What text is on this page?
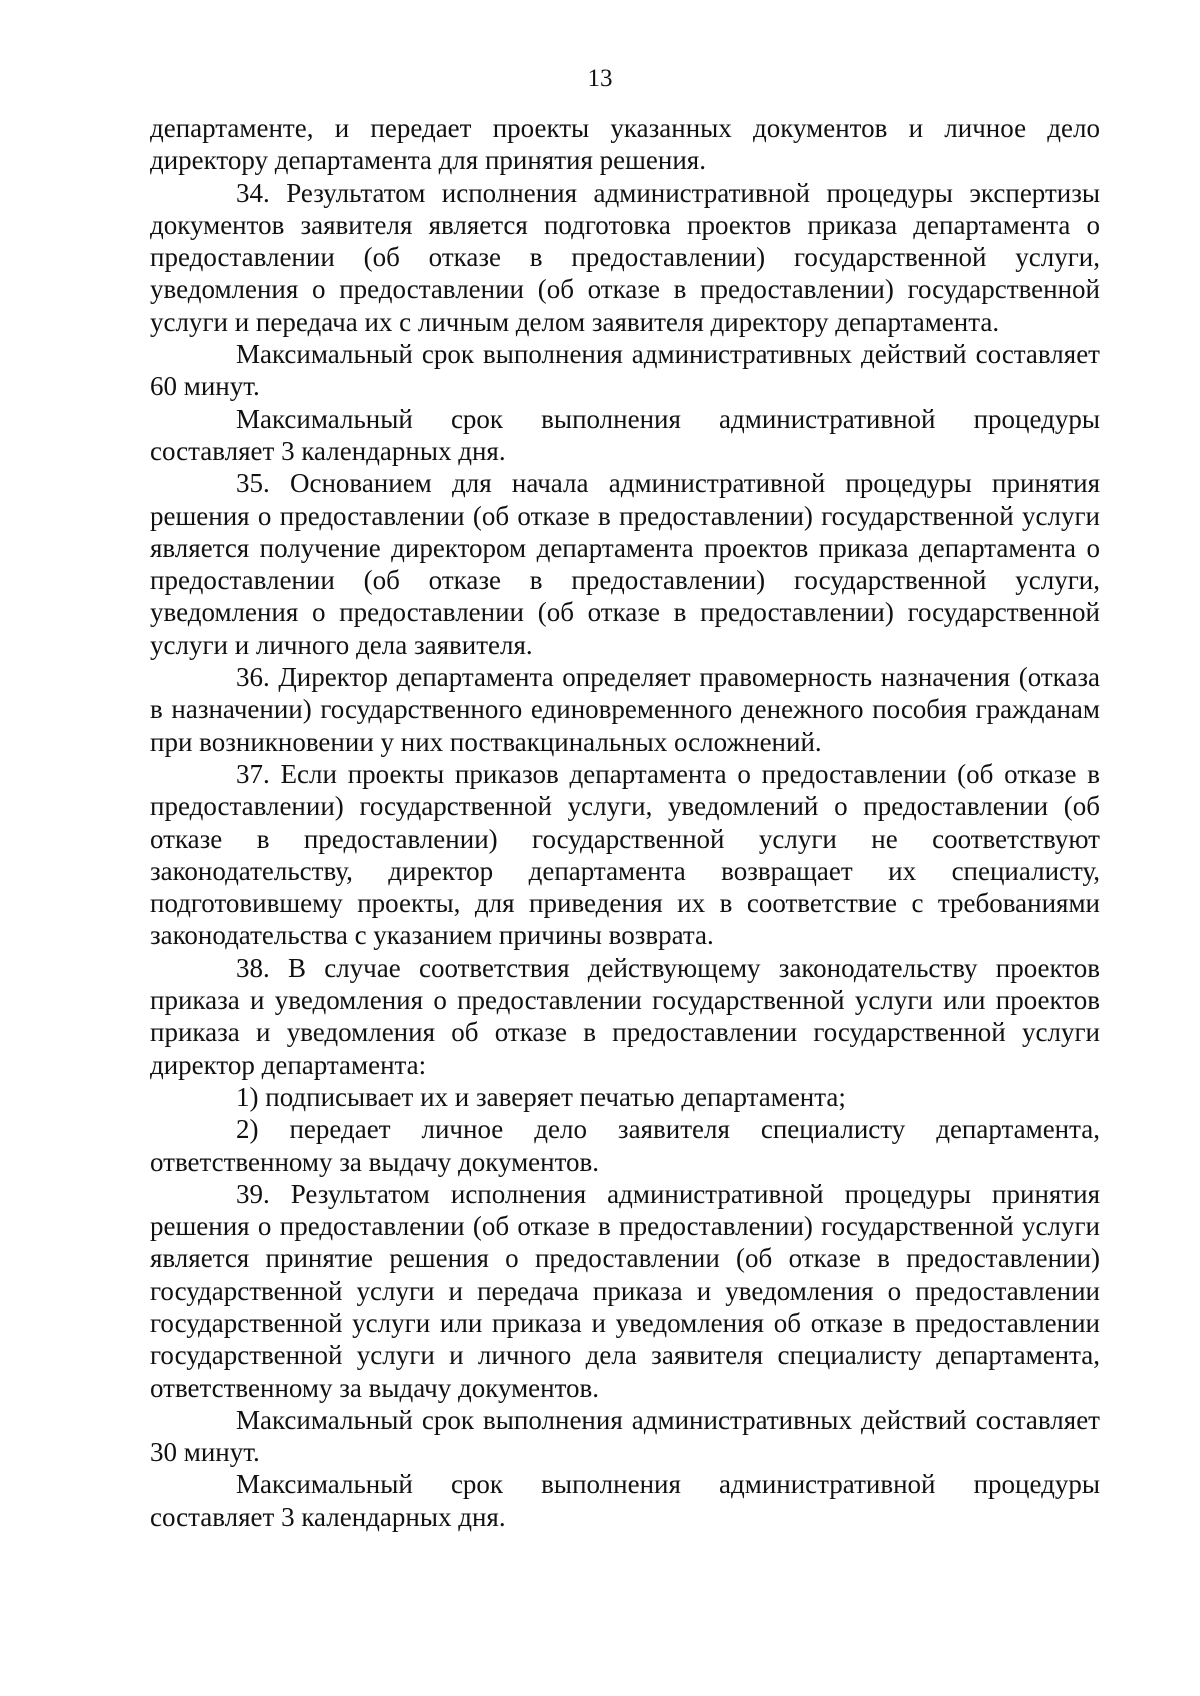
13

департаменте, и передает проекты указанных документов и личное дело директору департамента для принятия решения.

34. Результатом исполнения административной процедуры экспертизы документов заявителя является подготовка проектов приказа департамента о предоставлении (об отказе в предоставлении) государственной услуги, уведомления о предоставлении (об отказе в предоставлении) государственной услуги и передача их с личным делом заявителя директору департамента.

Максимальный срок выполнения административных действий составляет 60 минут.

Максимальный срок выполнения административной процедуры составляет 3 календарных дня.

35. Основанием для начала административной процедуры принятия решения о предоставлении (об отказе в предоставлении) государственной услуги является получение директором департамента проектов приказа департамента о предоставлении (об отказе в предоставлении) государственной услуги, уведомления о предоставлении (об отказе в предоставлении) государственной услуги и личного дела заявителя.

36. Директор департамента определяет правомерность назначения (отказа в назначении) государственного единовременного денежного пособия гражданам при возникновении у них поствакцинальных осложнений.

37. Если проекты приказов департамента о предоставлении (об отказе в предоставлении) государственной услуги, уведомлений о предоставлении (об отказе в предоставлении) государственной услуги не соответствуют законодательству, директор департамента возвращает их специалисту, подготовившему проекты, для приведения их в соответствие с требованиями законодательства с указанием причины возврата.

38. В случае соответствия действующему законодательству проектов приказа и уведомления о предоставлении государственной услуги или проектов приказа и уведомления об отказе в предоставлении государственной услуги директор департамента:

1) подписывает их и заверяет печатью департамента;

2) передает личное дело заявителя специалисту департамента, ответственному за выдачу документов.

39. Результатом исполнения административной процедуры принятия решения о предоставлении (об отказе в предоставлении) государственной услуги является принятие решения о предоставлении (об отказе в предоставлении) государственной услуги и передача приказа и уведомления о предоставлении государственной услуги или приказа и уведомления об отказе в предоставлении государственной услуги и личного дела заявителя специалисту департамента, ответственному за выдачу документов.

Максимальный срок выполнения административных действий составляет 30 минут.

Максимальный срок выполнения административной процедуры составляет 3 календарных дня.
